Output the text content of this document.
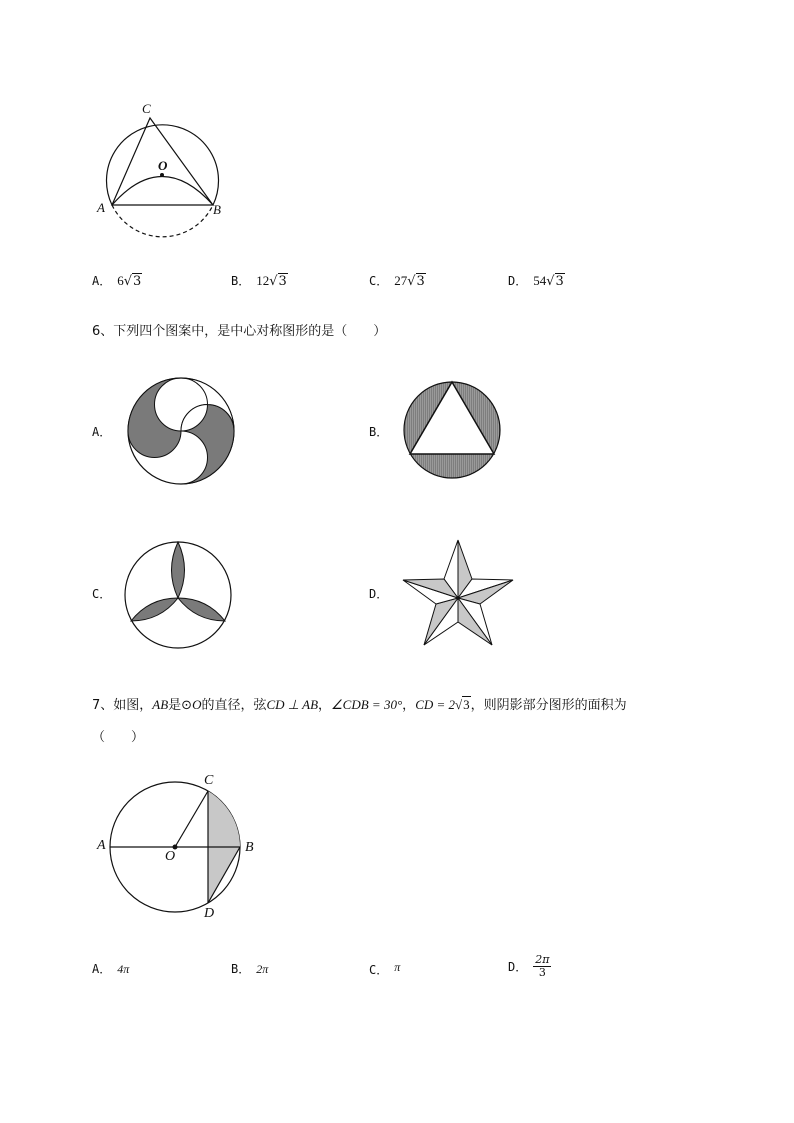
C
O
A	B
A． 6√3	B． 12√3	C． 27√3	D． 54√3
6、下列四个图案中，是中心对称图形的是（　　）
A．	B．
C．	D．
7、如图，AB是⊙O的直径，弦CD ⊥ AB，∠CDB = 30°，CD = 2√3，则阴影部分图形的面积为
（　　）
C
A
O
B
D
A． 4π	B． 2π	C． π	D． $\frac{2\pi}{3}$
